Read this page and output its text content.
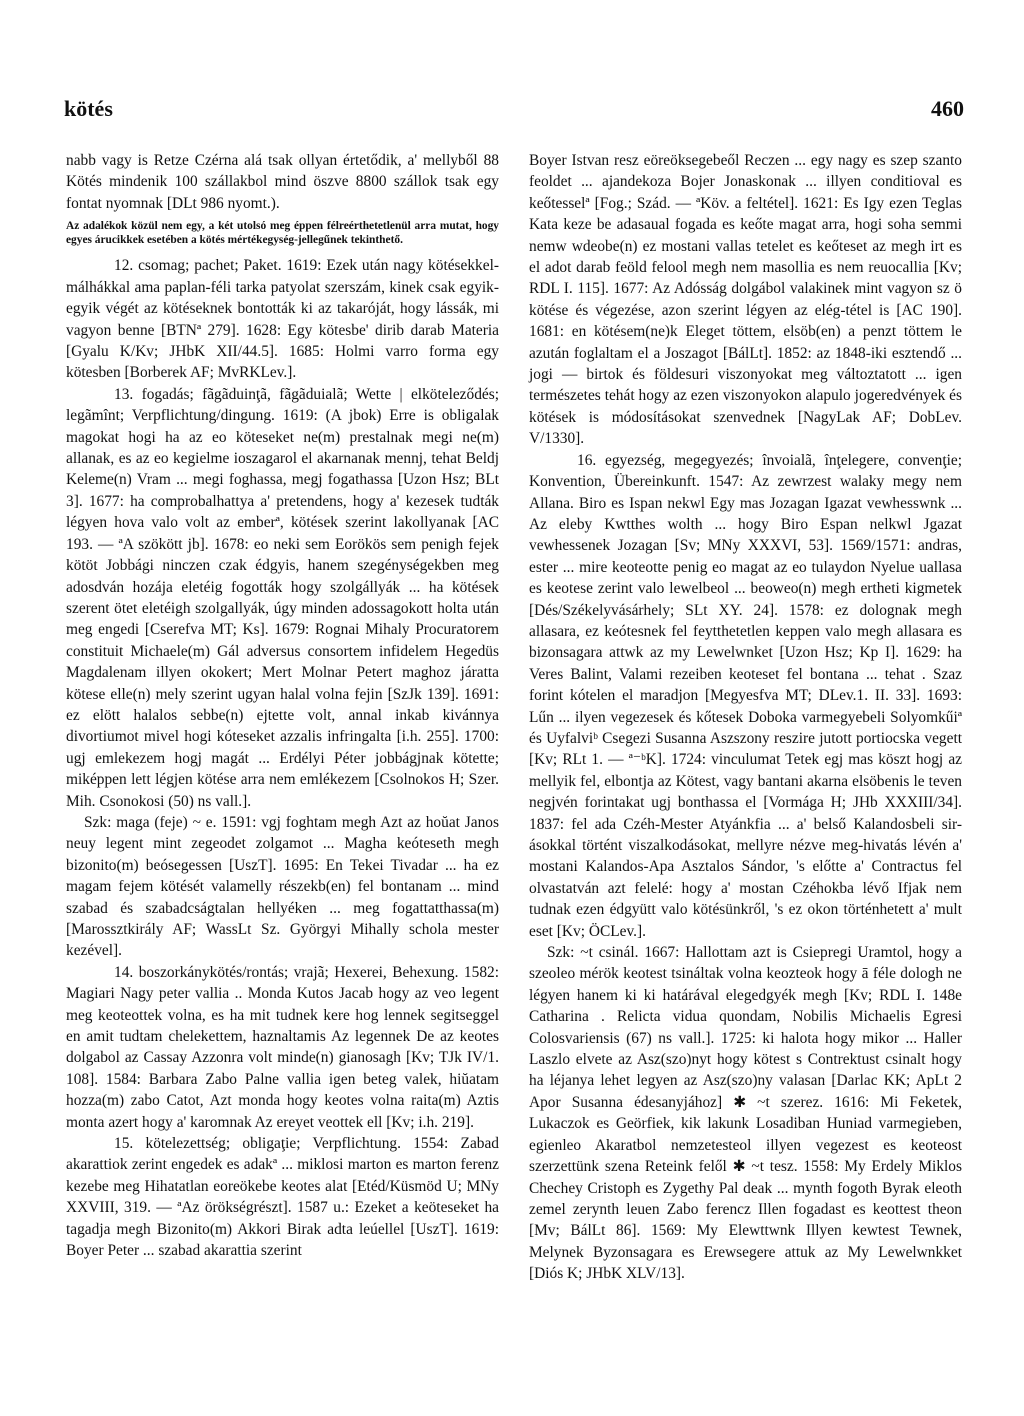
kötés	460

nabb vagy is Retze Czérna alá tsak ollyan értetődik, a' mellyből 88 Kötés mindenik 100 szállakbol mind öszve 8800 szállok tsak egy fontat nyomnak [DLt 986 nyomt.).

Az adalékok közül nem egy, a két utolsó meg éppen félreérthetetlenül arra mutat, hogy egyes árucikkek esetében a kötés mértékegység-jellegűnek tekinthető.

12. csomag; pachet; Paket. 1619: Ezek után nagy kötésekkel-málhákkal ama paplan-féli tarka patyolat szerszám, kinek csak egyik-egyik végét az kötéseknek bontották ki az takaróját, hogy lássák, mi vagyon benne [BTNª 279]. 1628: Egy kötesbe' dirib darab Materia [Gyalu K/Kv; JHbK XII/44.5]. 1685: Holmi varro forma egy kötesben [Borberek AF; MvRKLev.].

13. fogadás; fãgãduinţã, fãgãduialã; Wette | elköteleződés; legãmînt; Verpflichtung/dingung. 1619: (A jbok) Erre is obligalak magokat hogi ha az eo köteseket ne(m) prestalnak megi ne(m) allanak, es az eo kegielme ioszagarol el akarnanak mennj, tehat Beldj Keleme(n) Vram ... megi foghassa, megj fogathassa [Uzon Hsz; BLt 3]. 1677: ha comprobalhattya a' pretendens, hogy a' kezesek tudták légyen hova valo volt az emberª, kötések szerint lakollyanak [AC 193. — ªA szökött jb]. 1678: eo neki sem Eorökös sem penigh fejek kötöt Jobbági ninczen czak édgyis, hanem szegénységekben meg adosdván hozája eletéig fogották hogy szolgállyák ... ha kötések szerent ötet eletéigh szolgallyák, úgy minden adossagokott holta után meg engedi [Cserefva MT; Ks]. 1679: Rognai Mihaly Procuratorem constituit Michaele(m) Gál adversus consortem infidelem Hegedüs Magdalenam illyen okokert; Mert Molnar Petert maghoz járatta kötese elle(n) mely szerint ugyan halal volna fejin [SzJk 139]. 1691: ez elött halalos sebbe(n) ejtette volt, annal inkab kivánnya divortiumot mivel hogi kóteseket azzalis infringalta [i.h. 255]. 1700: ugj emlekezem hogj magát ... Erdélyi Péter jobbágjnak kötette; miképpen lett légjen kötése arra nem emlékezem [Csolnokos H; Szer. Mih. Csonokosi (50) ns vall.].

Szk: maga (feje) ~ e. 1591: vgj foghtam megh Azt az hoŭat Janos neuy legent mint zegeodet zolgamot ... Magha keóteseth megh bizonito(m) beósegessen [UszT]. 1695: En Tekei Tivadar ... ha ez magam fejem kötését valamelly részekb(en) fel bontanam ... mind szabad és szabadcságtalan hellyéken ... meg fogattatthassa(m) [Marossztkirály AF; WassLt Sz. Györgyi Mihally schola mester kezével].

14. boszorkánykötés/rontás; vrajã; Hexerei, Behexung. 1582: Magiari Nagy peter vallia .. Monda Kutos Jacab hogy az veo legent meg keoteottek volna, es ha mit tudnek kere hog lennek segitseggel en amit tudtam chelekettem, haznaltamis Az legennek De az keotes dolgabol az Cassay Azzonra volt minde(n) gianosagh [Kv; TJk IV/1. 108]. 1584: Barbara Zabo Palne vallia igen beteg valek, hiŭatam hozza(m) zabo Catot, Azt monda hogy keotes volna raita(m) Aztis monta azert hogy a' karomnak Az ereyet veottek ell [Kv; i.h. 219].

15. kötelezettség; obligaţie; Verpflichtung. 1554: Zabad akarattiok zerint engedek es adakª ... miklosi marton es marton ferenz kezebe meg Hihatatlan eoreökebe keotes alat [Etéd/Küsmöd U; MNy XXVIII, 319. — ªAz örökségrészt]. 1587 u.: Ezeket a keöteseket ha tagadja megh Bizonito(m) Akkori Birak adta leúellel [UszT]. 1619: Boyer Peter ... szabad akarattia szerint

Boyer Istvan resz eöreöksegebeől Reczen ... egy nagy es szep szanto feoldet ... ajandekoza Bojer Jonaskonak ... illyen conditioval es keőtesselª [Fog.; Szád. — ªKöv. a feltétel]. 1621: Es Igy ezen Teglas Kata keze be adasaual fogada es keőte magat arra, hogi soha semmi nemw wdeobe(n) ez mostani vallas tetelet es keőteset az megh irt es el adot darab feöld felool megh nem masollia es nem reuocallia [Kv; RDL I. 115]. 1677: Az Adósság dolgábol valakinek mint vagyon sz ö kötése és végezése, azon szerint légyen az elég-tétel is [AC 190]. 1681: en kötésem(ne)k Eleget töttem, elsöb(en) a penzt töttem le azután foglaltam el a Joszagot [BálLt]. 1852: az 1848-iki esztendő ... jogi — birtok és földesuri viszonyokat meg változtatott ... igen természetes tehát hogy az ezen viszonyokon alapulo jogeredvények és kötések is módosításokat szenvednek [NagyLak AF; DobLev. V/1330].

16. egyezség, megegyezés; învoialã, înţelegere, convenţie; Konvention, Übereinkunft. 1547: Az zewrzest walaky megy nem Allana. Biro es Ispan nekwl Egy mas Jozagan Igazat vewhesswnk ... Az eleby Kwtthes wolth ... hogy Biro Espan nelkwl Jgazat vewhessenek Jozagan [Sv; MNy XXXVI, 53]. 1569/1571: andras, ester ... mire keoteotte penig eo magat az eo tulaydon Nyelue uallasa es keotese zerint valo lewelbeol ... beoweo(n) megh ertheti kigmetek [Dés/Székelyvásárhely; SLt XY. 24]. 1578: ez dolognak megh allasara, ez keótesnek fel feytthetetlen keppen valo megh allasara es bizonsagara attwk az my Lewelwnket [Uzon Hsz; Kp I]. 1629: ha Veres Balint, Valami rezeiben keoteset fel bontana ... tehat . Szaz forint kótelen el maradjon [Megyesfva MT; DLev.1. II. 33]. 1693: Lűn ... ilyen vegezesek és kőtesek Doboka varmegyebeli Solyomkűiª és Uyfalviᵇ Csegezi Susanna Aszszony reszire jutott portiocska vegett [Kv; RLt 1. — ª⁻ᵇK]. 1724: vinculumat Tetek egj mas köszt hogj az mellyik fel, elbontja az Kötest, vagy bantani akarna elsöbenis le teven negjvén forintakat ugj bonthassa el [Vormága H; JHb XXXIII/34]. 1837: fel ada Czéh-Mester Atyánkfia ... a' belső Kalandosbeli sir-ásokkal történt viszalkodásokat, mellyre nézve meg-hivatás lévén a' mostani Kalandos-Apa Asztalos Sándor, 's előtte a' Contractus fel olvastatván azt felelé: hogy a' mostan Czéhokba lévő Ifjak nem tudnak ezen édgyütt valo kötésünkről, 's ez okon történhetett a' mult eset [Kv; ÖCLev.].

Szk: ~t csinál. 1667: Hallottam azt is Csiepregi Uramtol, hogy a szeoleo mérök keotest tsináltak volna keozteok hogy ā féle dologh ne légyen hanem ki ki határával elegedgyék megh [Kv; RDL I. 148e Catharina . Relicta vidua quondam, Nobilis Michaelis Egresi Colosvariensis (67) ns vall.]. 1725: ki halota hogy mikor ... Haller Laszlo elvete az Asz(szo)nyt hogy kötest s Contrektust csinalt hogy ha léjanya lehet legyen az Asz(szo)ny valasan [Darlac KK; ApLt 2 Apor Susanna édesanyjához] ✱ ~t szerez. 1616: Mi Feketek, Lukaczok es Geörfiek, kik lakunk Losadiban Huniad varmegieben, egienleo Akaratbol nemzetesteol illyen vegezest es keoteost szerzettünk szena Reteink felől ✱ ~t tesz. 1558: My Erdely Miklos Chechey Cristoph es Zygethy Pal deak ... mynth fogoth Byrak eleoth zemel zerynth leuen Zabo ferencz Illen fogadast es keottest theon [Mv; BálLt 86]. 1569: My Elewttwnk Illyen kewtest Tewnek, Melynek Byzonsagara es Erewsegere attuk az My Lewelwnkket [Diós K; JHbK XLV/13].
